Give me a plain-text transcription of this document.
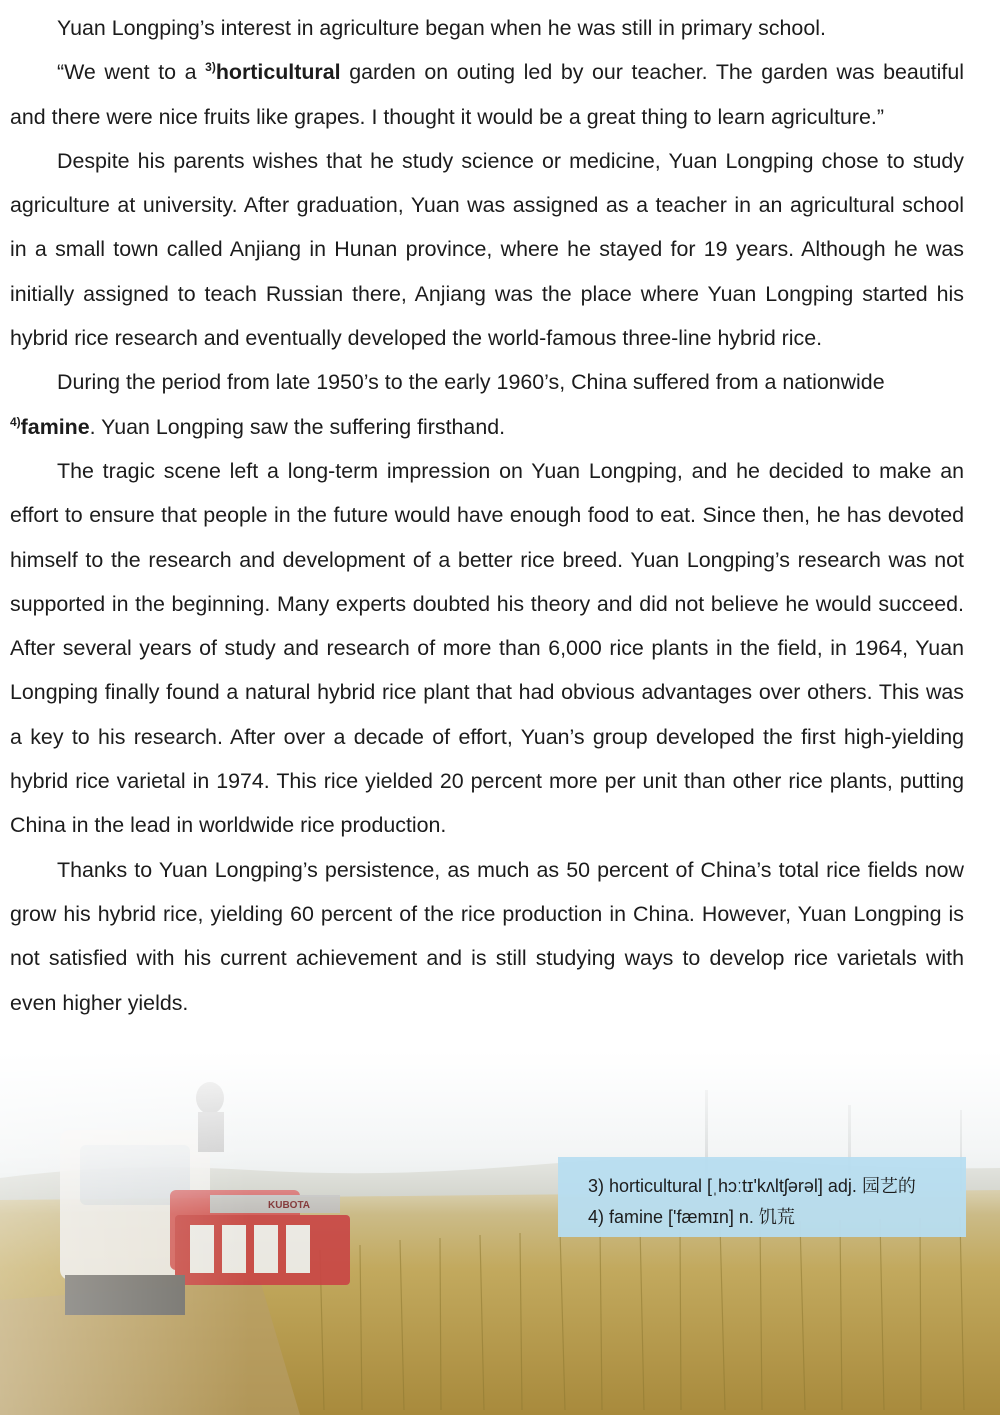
Yuan Longping’s interest in agriculture began when he was still in primary school.

“We went to a $^{3)}$horticultural garden on outing led by our teacher. The garden was beautiful and there were nice fruits like grapes. I thought it would be a great thing to learn agriculture.”

Despite his parents wishes that he study science or medicine, Yuan Longping chose to study agriculture at university. After graduation, Yuan was assigned as a teacher in an agricultural school in a small town called Anjiang in Hunan province, where he stayed for 19 years. Although he was initially assigned to teach Russian there, Anjiang was the place where Yuan Longping started his hybrid rice research and eventually developed the world-famous three-line hybrid rice.

During the period from late 1950’s to the early 1960’s, China suffered from a nationwide

$^{4)}$famine. Yuan Longping saw the suffering firsthand.

The tragic scene left a long-term impression on Yuan Longping, and he decided to make an effort to ensure that people in the future would have enough food to eat. Since then, he has devoted himself to the research and development of a better rice breed. Yuan Longping’s research was not supported in the beginning. Many experts doubted his theory and did not believe he would succeed. After several years of study and research of more than 6,000 rice plants in the field, in 1964, Yuan Longping finally found a natural hybrid rice plant that had obvious advantages over others. This was a key to his research. After over a decade of effort, Yuan’s group developed the first high-yielding hybrid rice varietal in 1974. This rice yielded 20 percent more per unit than other rice plants, putting China in the lead in worldwide rice production.

Thanks to Yuan Longping’s persistence, as much as 50 percent of China’s total rice fields now grow his hybrid rice, yielding 60 percent of the rice production in China. However, Yuan Longping is not satisfied with his current achievement and is still studying ways to develop rice varietals with even higher yields.

3) horticultural [ˌhɔːtɪ'kʌltʃərəl] adj. 园艺的
4) famine ['fæmɪn] n. 饥荒
